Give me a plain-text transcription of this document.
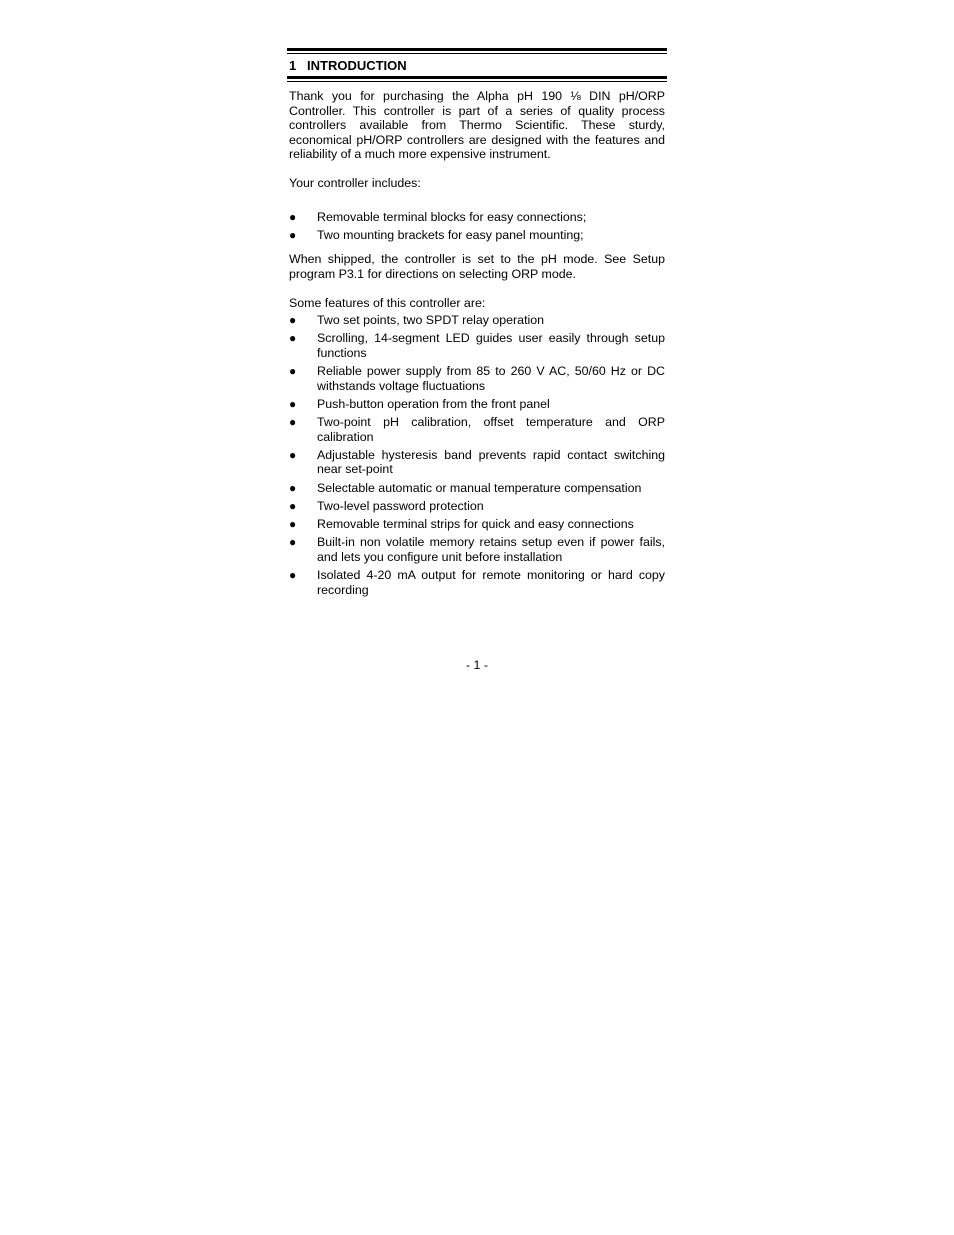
1 INTRODUCTION

Thank you for purchasing the Alpha pH 190 ⅛ DIN pH/ORP Controller. This controller is part of a series of quality process controllers available from Thermo Scientific. These sturdy, economical pH/ORP controllers are designed with the features and reliability of a much more expensive instrument.

Your controller includes:

●	Removable terminal blocks for easy connections;
●	Two mounting brackets for easy panel mounting;

When shipped, the controller is set to the pH mode. See Setup program P3.1 for directions on selecting ORP mode.

Some features of this controller are:

●	Two set points, two SPDT relay operation
●	Scrolling, 14-segment LED guides user easily through setup functions
●	Reliable power supply from 85 to 260 V AC, 50/60 Hz or DC withstands voltage fluctuations
●	Push-button operation from the front panel
●	Two-point pH calibration, offset temperature and ORP calibration
●	Adjustable hysteresis band prevents rapid contact switching near set-point
●	Selectable automatic or manual temperature compensation
●	Two-level password protection
●	Removable terminal strips for quick and easy connections
●	Built-in non volatile memory retains setup even if power fails, and lets you configure unit before installation
●	Isolated 4-20 mA output for remote monitoring or hard copy recording
- 1 -
